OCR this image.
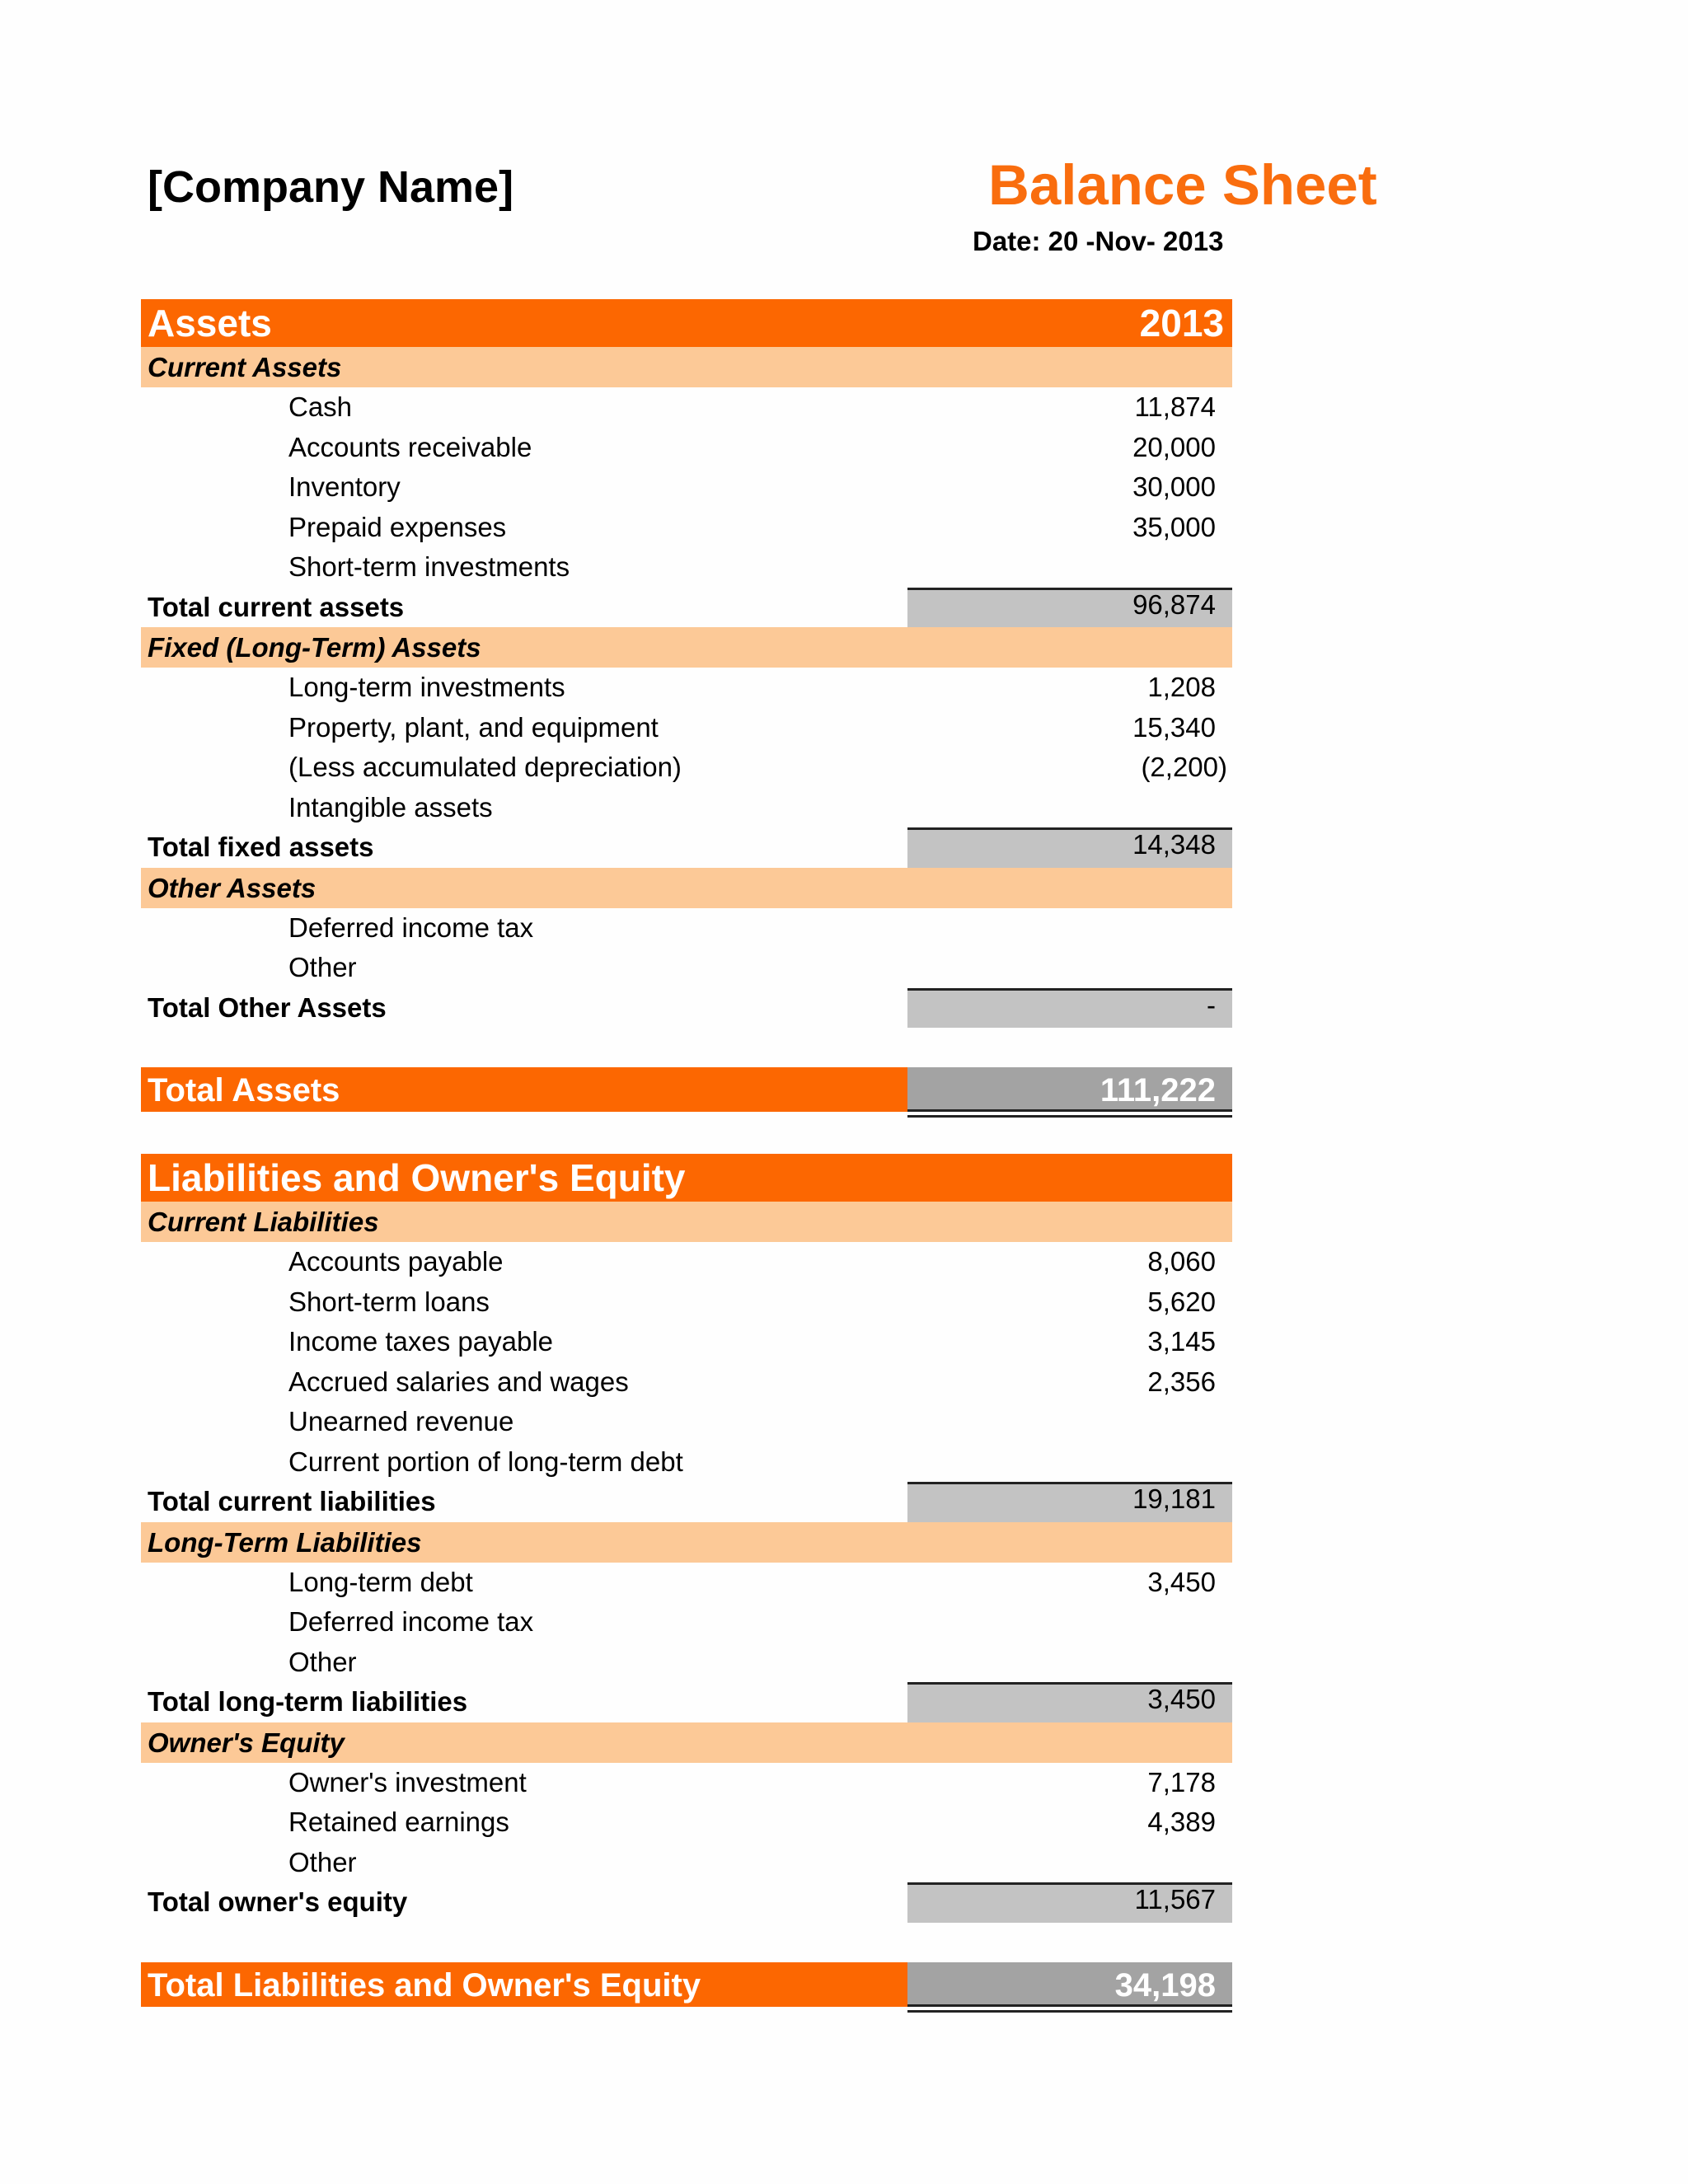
[Company Name]	Balance Sheet
Date: 20 -Nov- 2013
Assets	2013
Current Assets
Cash	11,874
Accounts receivable	20,000
Inventory	30,000
Prepaid expenses	35,000
Short-term investments
Total current assets	96,874
Fixed (Long-Term) Assets
Long-term investments	1,208
Property, plant, and equipment	15,340
(Less accumulated depreciation)	(2,200)
Intangible assets
Total fixed assets	14,348
Other Assets
Deferred income tax
Other
Total Other Assets	-
Total Assets	111,222
Liabilities and Owner's Equity
Current Liabilities
Accounts payable	8,060
Short-term loans	5,620
Income taxes payable	3,145
Accrued salaries and wages	2,356
Unearned revenue
Current portion of long-term debt
Total current liabilities	19,181
Long-Term Liabilities
Long-term debt	3,450
Deferred income tax
Other
Total long-term liabilities	3,450
Owner's Equity
Owner's investment	7,178
Retained earnings	4,389
Other
Total owner's equity	11,567
Total Liabilities and Owner's Equity	34,198
